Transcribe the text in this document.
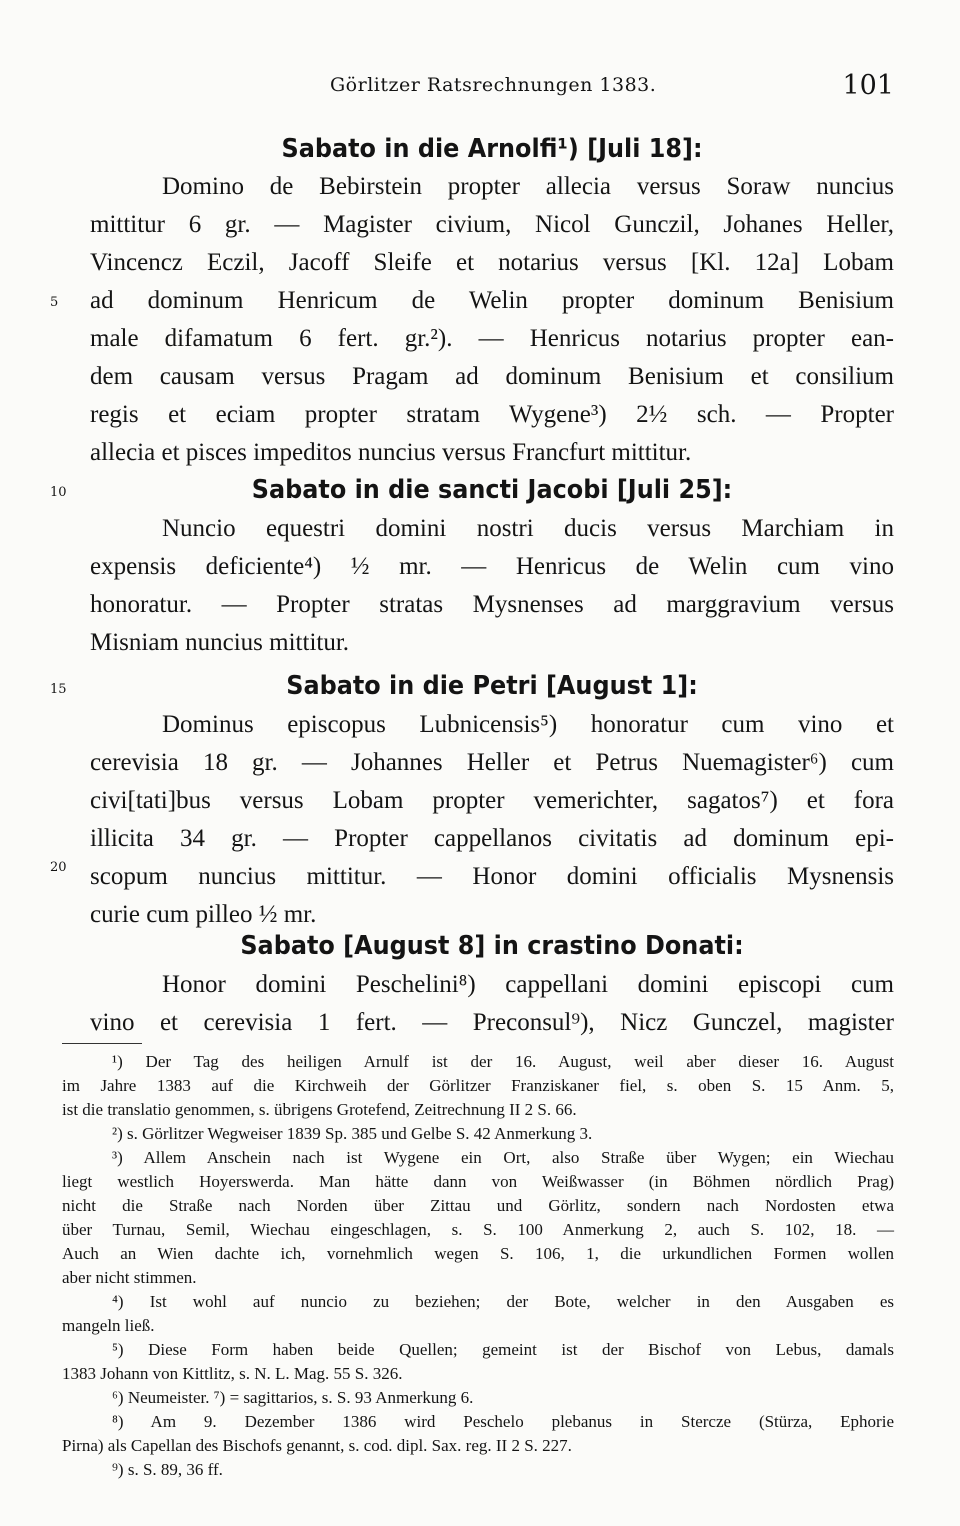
Görlitzer Ratsrechnungen 1383.	101
5
10
15
20
Sabato in die Arnolfi¹) [Juli 18]:
Domino de Bebirstein propter allecia versus Soraw nuncius
mittitur 6 gr. — Magister civium, Nicol Gunczil, Johanes Heller,
Vincencz Eczil, Jacoff Sleife et notarius versus [Kl. 12a] Lobam
ad dominum Henricum de Welin propter dominum Benisium
male difamatum 6 fert. gr.²). — Henricus notarius propter ean-
dem causam versus Pragam ad dominum Benisium et consilium
regis et eciam propter stratam Wygene³) 2½ sch. — Propter
allecia et pisces impeditos nuncius versus Francfurt mittitur.
Sabato in die sancti Jacobi [Juli 25]:
Nuncio equestri domini nostri ducis versus Marchiam in
expensis deficiente⁴) ½ mr. — Henricus de Welin cum vino
honoratur. — Propter stratas Mysnenses ad marggravium versus
Misniam nuncius mittitur.
Sabato in die Petri [August 1]:
Dominus episcopus Lubnicensis⁵) honoratur cum vino et
cerevisia 18 gr. — Johannes Heller et Petrus Nuemagister⁶) cum
civi[tati]bus versus Lobam propter vemerichter, sagatos⁷) et fora
illicita 34 gr. — Propter cappellanos civitatis ad dominum epi-
scopum nuncius mittitur. — Honor domini officialis Mysnensis
curie cum pilleo ½ mr.
Sabato [August 8] in crastino Donati:
Honor domini Peschelini⁸) cappellani domini episcopi cum
vino et cerevisia 1 fert. — Preconsul⁹), Nicz Gunczel, magister
¹) Der Tag des heiligen Arnulf ist der 16. August, weil aber dieser 16. August
im Jahre 1383 auf die Kirchweih der Görlitzer Franziskaner fiel, s. oben S. 15 Anm. 5,
ist die translatio genommen, s. übrigens Grotefend, Zeitrechnung II 2 S. 66.
²) s. Görlitzer Wegweiser 1839 Sp. 385 und Gelbe S. 42 Anmerkung 3.
³) Allem Anschein nach ist Wygene ein Ort, also Straße über Wygen; ein Wiechau
liegt westlich Hoyerswerda. Man hätte dann von Weißwasser (in Böhmen nördlich Prag)
nicht die Straße nach Norden über Zittau und Görlitz, sondern nach Nordosten etwa
über Turnau, Semil, Wiechau eingeschlagen, s. S. 100 Anmerkung 2, auch S. 102, 18. —
Auch an Wien dachte ich, vornehmlich wegen S. 106, 1, die urkundlichen Formen wollen
aber nicht stimmen.
⁴) Ist wohl auf nuncio zu beziehen; der Bote, welcher in den Ausgaben es
mangeln ließ.
⁵) Diese Form haben beide Quellen; gemeint ist der Bischof von Lebus, damals
1383 Johann von Kittlitz, s. N. L. Mag. 55 S. 326.
⁶) Neumeister. ⁷) = sagittarios, s. S. 93 Anmerkung 6.
⁸) Am 9. Dezember 1386 wird Peschelo plebanus in Stercze (Stürza, Ephorie
Pirna) als Capellan des Bischofs genannt, s. cod. dipl. Sax. reg. II 2 S. 227.
⁹) s. S. 89, 36 ff.
